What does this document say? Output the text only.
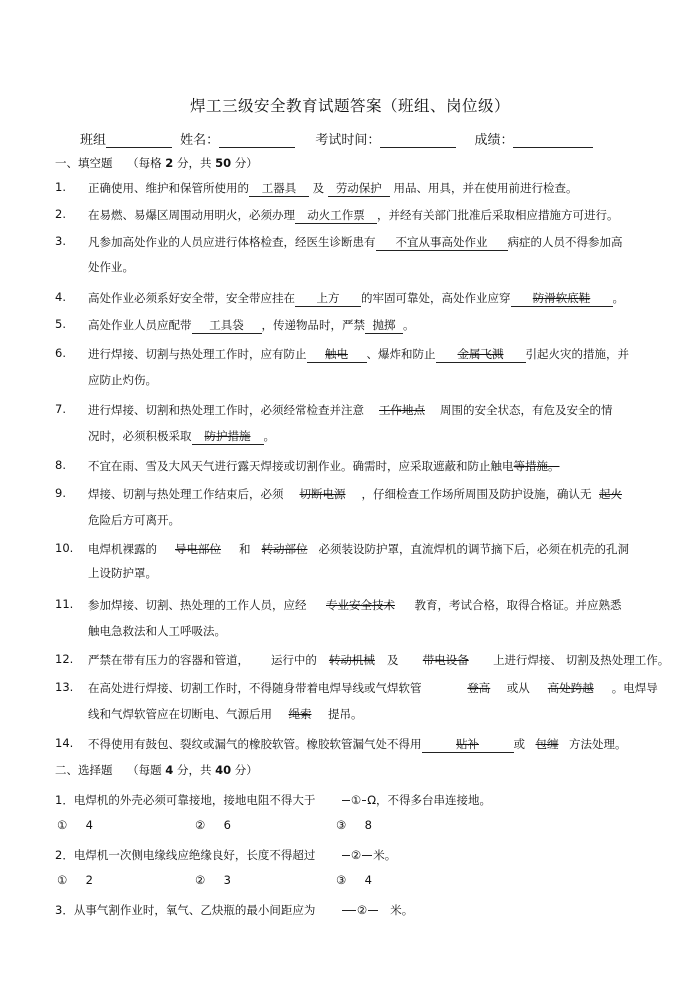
焊工三级安全教育试题答案（班组、岗位级）
班组	姓名：	考试时间：	成绩：
一、填空题 （每格 2 分，共 50 分）
1. 正确使用、维护和保管所使用的 工器具 及 劳动保护 用品、用具，并在使用前进行检查。
2. 在易燃、易爆区周围动用明火，必须办理 动火工作票 ，并经有关部门批准后采取相应措施方可进行。
3. 凡参加高处作业的人员应进行体格检查，经医生诊断患有 不宜从事高处作业 病症的人员不得参加高
处作业。
4. 高处作业必须系好安全带，安全带应挂在 上方 的牢固可靠处，高处作业应穿 防滑软底鞋 。
5. 高处作业人员应配带 工具袋 ，传递物品时，严禁 抛掷 。
6. 进行焊接、切割与热处理工作时，应有防止 触电 、爆炸和防止 金属飞溅 引起火灾的措施，并
应防止灼伤。
7. 进行焊接、切割和热处理工作时，必须经常检查并注意 工作地点 周围的安全状态，有危及安全的情
况时，必须积极采取 防护措施 。
8. 不宜在雨、雪及大风天气进行露天焊接或切割作业。确需时，应采取遮蔽和防止触电等措施。
9. 焊接、切割与热处理工作结束后，必须 切断电源 ，仔细检查工作场所周围及防护设施，确认无 起火
危险后方可离开。
10. 电焊机裸露的 导电部位 和 转动部位 必须装设防护罩，直流焊机的调节摘下后，必须在机壳的孔洞
上设防护罩。
11. 参加焊接、切割、热处理的工作人员，应经 专业安全技术 教育，考试合格，取得合格证。并应熟悉
触电急救法和人工呼吸法。
12. 严禁在带有压力的容器和管道， 运行中的 转动机械 及 带电设备 上进行焊接、 切割及热处理工作。
13. 在高处进行焊接、切割工作时，不得随身带着电焊导线或气焊软管	登高 或从 高处跨越 。电焊导
线和气焊软管应在切断电、气源后用 绳索 提吊。
14. 不得使用有鼓包、裂纹或漏气的橡胶软管。橡胶软管漏气处不得用	贴补	或 包缠 方法处理。
二、选择题 （每题 4 分，共 40 分）
1．电焊机的外壳必须可靠接地，接地电阻不得大于	① Ω，不得多台串连接地。
① 4	② 6	③ 8
2．电焊机一次侧电缘线应绝缘良好，长度不得超过	② 米。
① 2	② 3	③ 4
3．从事气割作业时，氧气、乙炔瓶的最小间距应为	② 米。
